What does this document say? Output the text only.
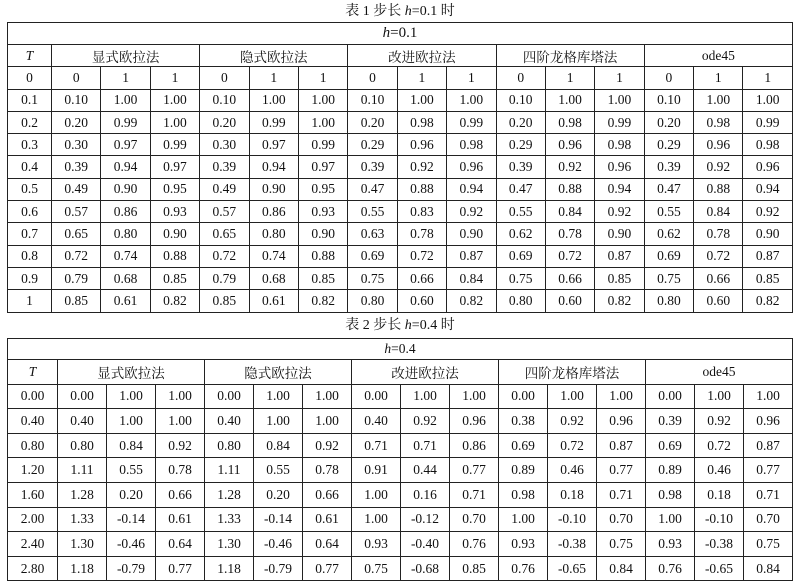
表 1 步长 h=0.1 时
h=0.1															
T	显式欧拉法			隐式欧拉法			改进欧拉法			四阶龙格库塔法			ode45		
0	0	1	1	0	1	1	0	1	1	0	1	1	0	1	1
0.1	0.10	1.00	1.00	0.10	1.00	1.00	0.10	1.00	1.00	0.10	1.00	1.00	0.10	1.00	1.00
0.2	0.20	0.99	1.00	0.20	0.99	1.00	0.20	0.98	0.99	0.20	0.98	0.99	0.20	0.98	0.99
0.3	0.30	0.97	0.99	0.30	0.97	0.99	0.29	0.96	0.98	0.29	0.96	0.98	0.29	0.96	0.98
0.4	0.39	0.94	0.97	0.39	0.94	0.97	0.39	0.92	0.96	0.39	0.92	0.96	0.39	0.92	0.96
0.5	0.49	0.90	0.95	0.49	0.90	0.95	0.47	0.88	0.94	0.47	0.88	0.94	0.47	0.88	0.94
0.6	0.57	0.86	0.93	0.57	0.86	0.93	0.55	0.83	0.92	0.55	0.84	0.92	0.55	0.84	0.92
0.7	0.65	0.80	0.90	0.65	0.80	0.90	0.63	0.78	0.90	0.62	0.78	0.90	0.62	0.78	0.90
0.8	0.72	0.74	0.88	0.72	0.74	0.88	0.69	0.72	0.87	0.69	0.72	0.87	0.69	0.72	0.87
0.9	0.79	0.68	0.85	0.79	0.68	0.85	0.75	0.66	0.84	0.75	0.66	0.85	0.75	0.66	0.85
1	0.85	0.61	0.82	0.85	0.61	0.82	0.80	0.60	0.82	0.80	0.60	0.82	0.80	0.60	0.82
表 2 步长 h=0.4 时
h=0.4															
T	显式欧拉法			隐式欧拉法			改进欧拉法			四阶龙格库塔法			ode45		
0.00	0.00	1.00	1.00	0.00	1.00	1.00	0.00	1.00	1.00	0.00	1.00	1.00	0.00	1.00	1.00
0.40	0.40	1.00	1.00	0.40	1.00	1.00	0.40	0.92	0.96	0.38	0.92	0.96	0.39	0.92	0.96
0.80	0.80	0.84	0.92	0.80	0.84	0.92	0.71	0.71	0.86	0.69	0.72	0.87	0.69	0.72	0.87
1.20	1.11	0.55	0.78	1.11	0.55	0.78	0.91	0.44	0.77	0.89	0.46	0.77	0.89	0.46	0.77
1.60	1.28	0.20	0.66	1.28	0.20	0.66	1.00	0.16	0.71	0.98	0.18	0.71	0.98	0.18	0.71
2.00	1.33	-0.14	0.61	1.33	-0.14	0.61	1.00	-0.12	0.70	1.00	-0.10	0.70	1.00	-0.10	0.70
2.40	1.30	-0.46	0.64	1.30	-0.46	0.64	0.93	-0.40	0.76	0.93	-0.38	0.75	0.93	-0.38	0.75
2.80	1.18	-0.79	0.77	1.18	-0.79	0.77	0.75	-0.68	0.85	0.76	-0.65	0.84	0.76	-0.65	0.84
